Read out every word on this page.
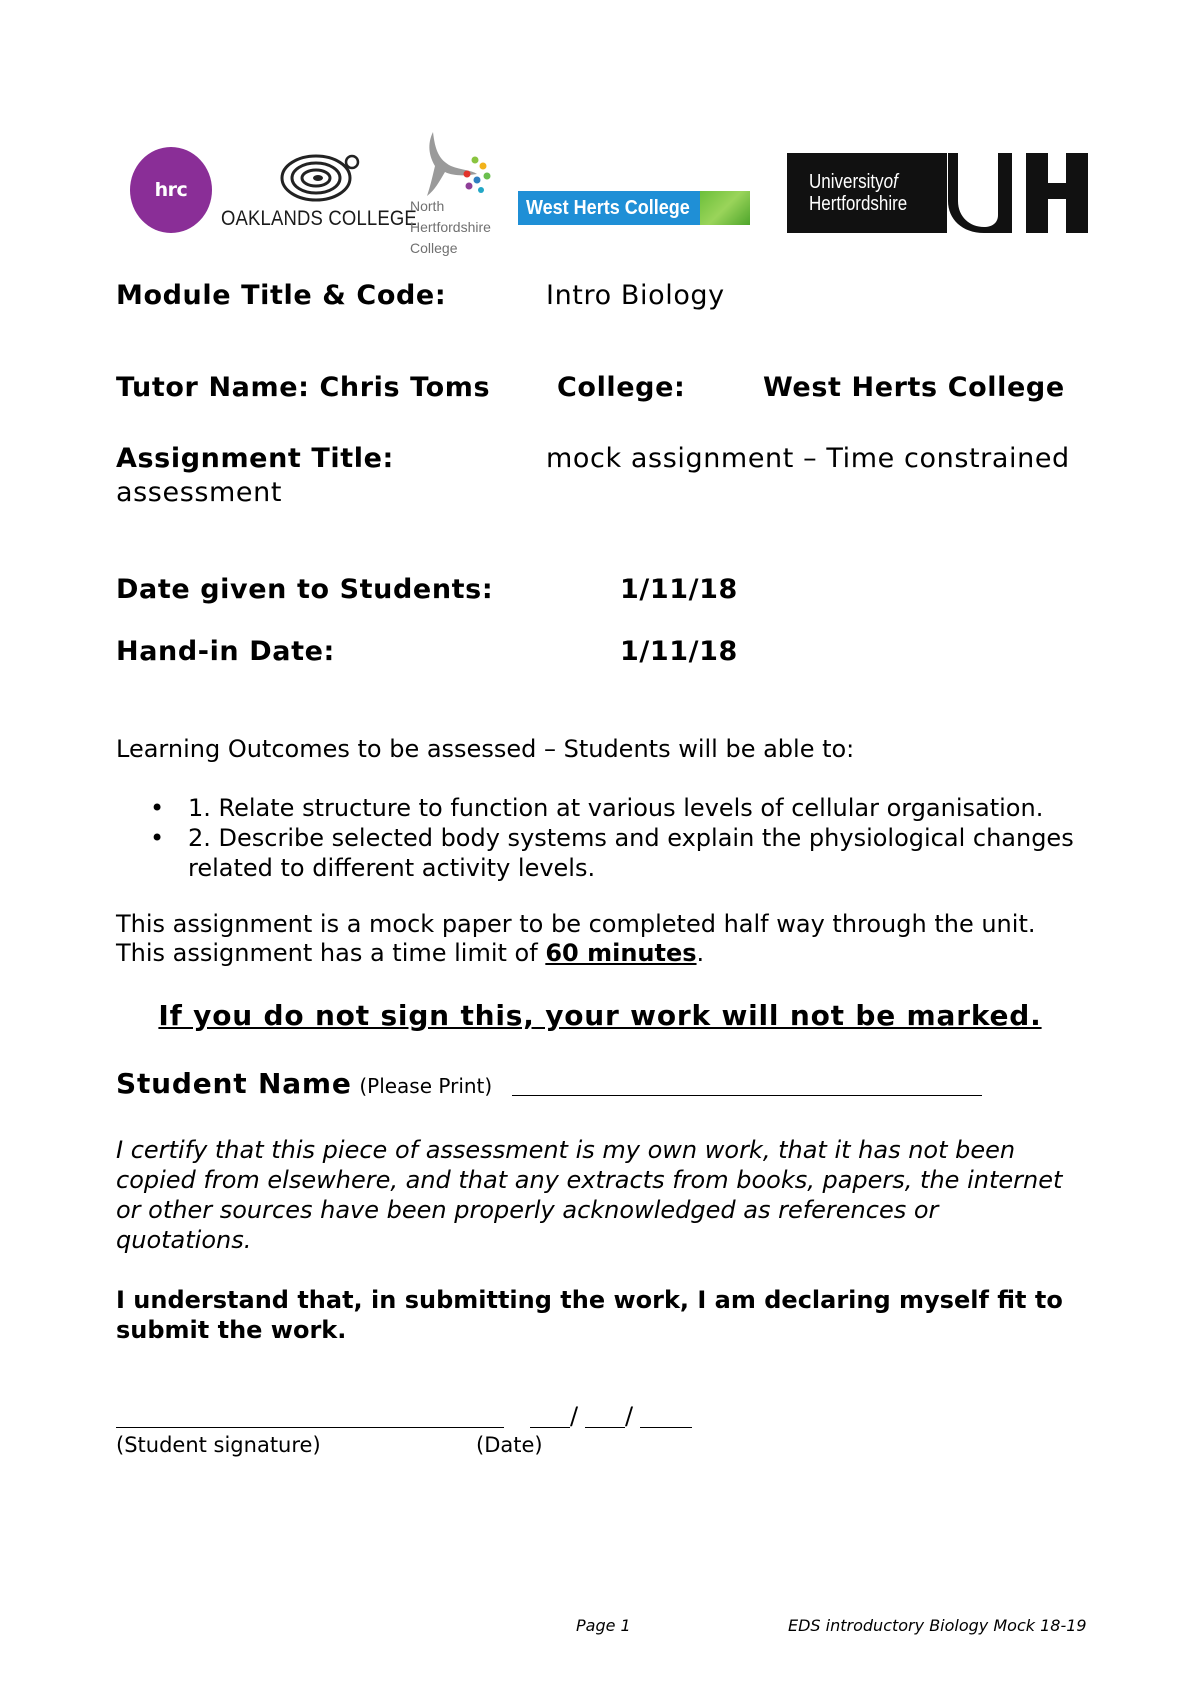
hrc
OAKLANDS COLLEGE
North
Hertfordshire
College
West Herts College
Universityof
Hertfordshire
Module Title & Code:	Intro Biology
Tutor Name: Chris Toms College:	West Herts College
Assignment Title:	mock assignment – Time constrained
assessment
Date given to Students:	1/11/18
Hand-in Date:	1/11/18
Learning Outcomes to be assessed – Students will be able to:
• 1. Relate structure to function at various levels of cellular organisation.
• 2. Describe selected body systems and explain the physiological changes
related to different activity levels.
This assignment is a mock paper to be completed half way through the unit.
This assignment has a time limit of 60 minutes.
If you do not sign this, your work will not be marked.
Student Name (Please Print)
I certify that this piece of assessment is my own work, that it has not been
copied from elsewhere, and that any extracts from books, papers, the internet
or other sources have been properly acknowledged as references or
quotations.
I understand that, in submitting the work, I am declaring myself fit to
submit the work.
/ /
(Student signature)	(Date)
Page 1	EDS introductory Biology Mock 18-19
